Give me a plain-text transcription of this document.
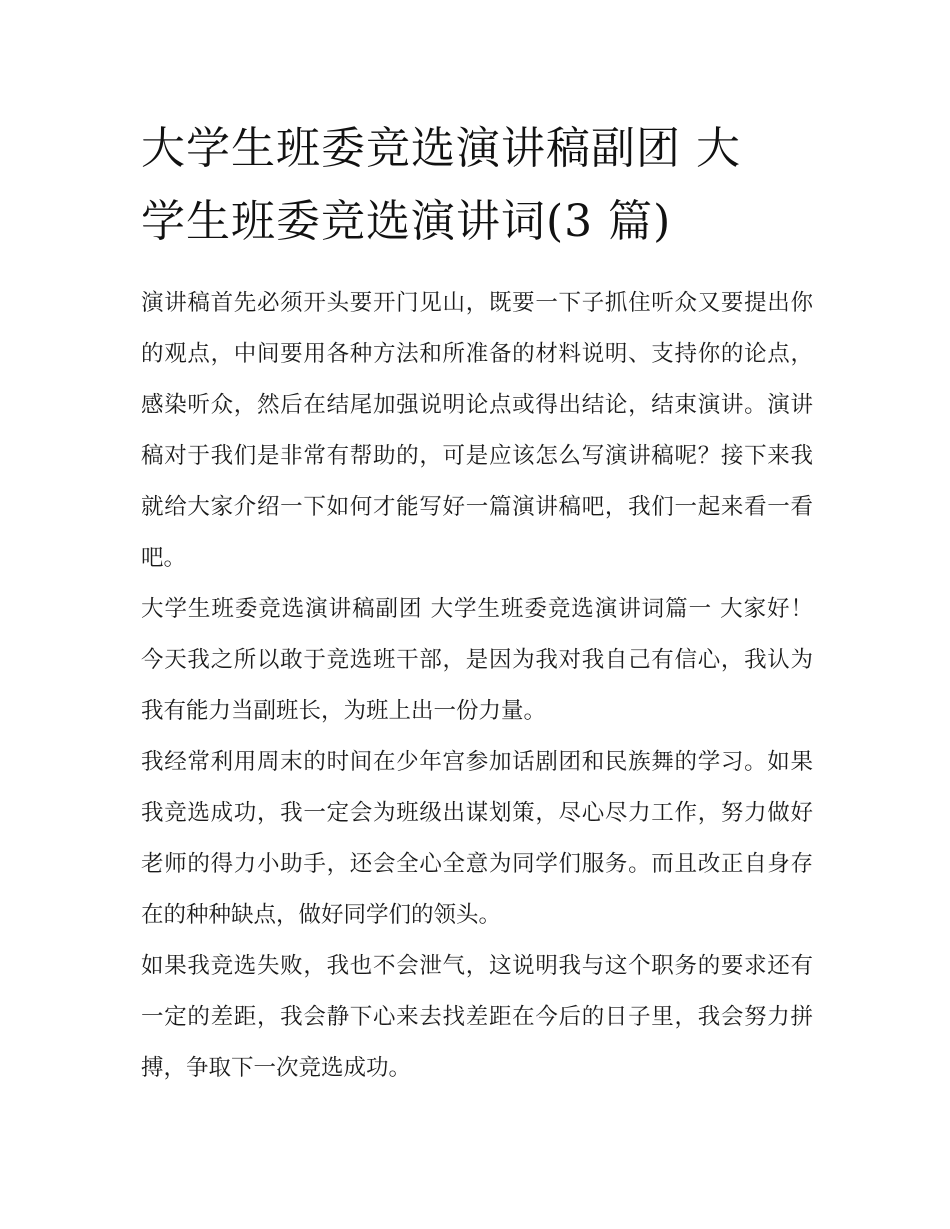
大学生班委竞选演讲稿副团 大
学生班委竞选演讲词(3 篇)

演讲稿首先必须开头要开门见山，既要一下子抓住听众又要提出你的观点，中间要用各种方法和所准备的材料说明、支持你的论点，感染听众，然后在结尾加强说明论点或得出结论，结束演讲。演讲稿对于我们是非常有帮助的，可是应该怎么写演讲稿呢？接下来我就给大家介绍一下如何才能写好一篇演讲稿吧，我们一起来看一看吧。

大学生班委竞选演讲稿副团 大学生班委竞选演讲词篇一 大家好！ 今天我之所以敢于竞选班干部，是因为我对我自己有信心，我认为我有能力当副班长，为班上出一份力量。

我经常利用周末的时间在少年宫参加话剧团和民族舞的学习。如果我竞选成功，我一定会为班级出谋划策，尽心尽力工作，努力做好老师的得力小助手，还会全心全意为同学们服务。而且改正自身存在的种种缺点，做好同学们的领头。

如果我竞选失败，我也不会泄气，这说明我与这个职务的要求还有一定的差距，我会静下心来去找差距在今后的日子里，我会努力拼搏，争取下一次竞选成功。
